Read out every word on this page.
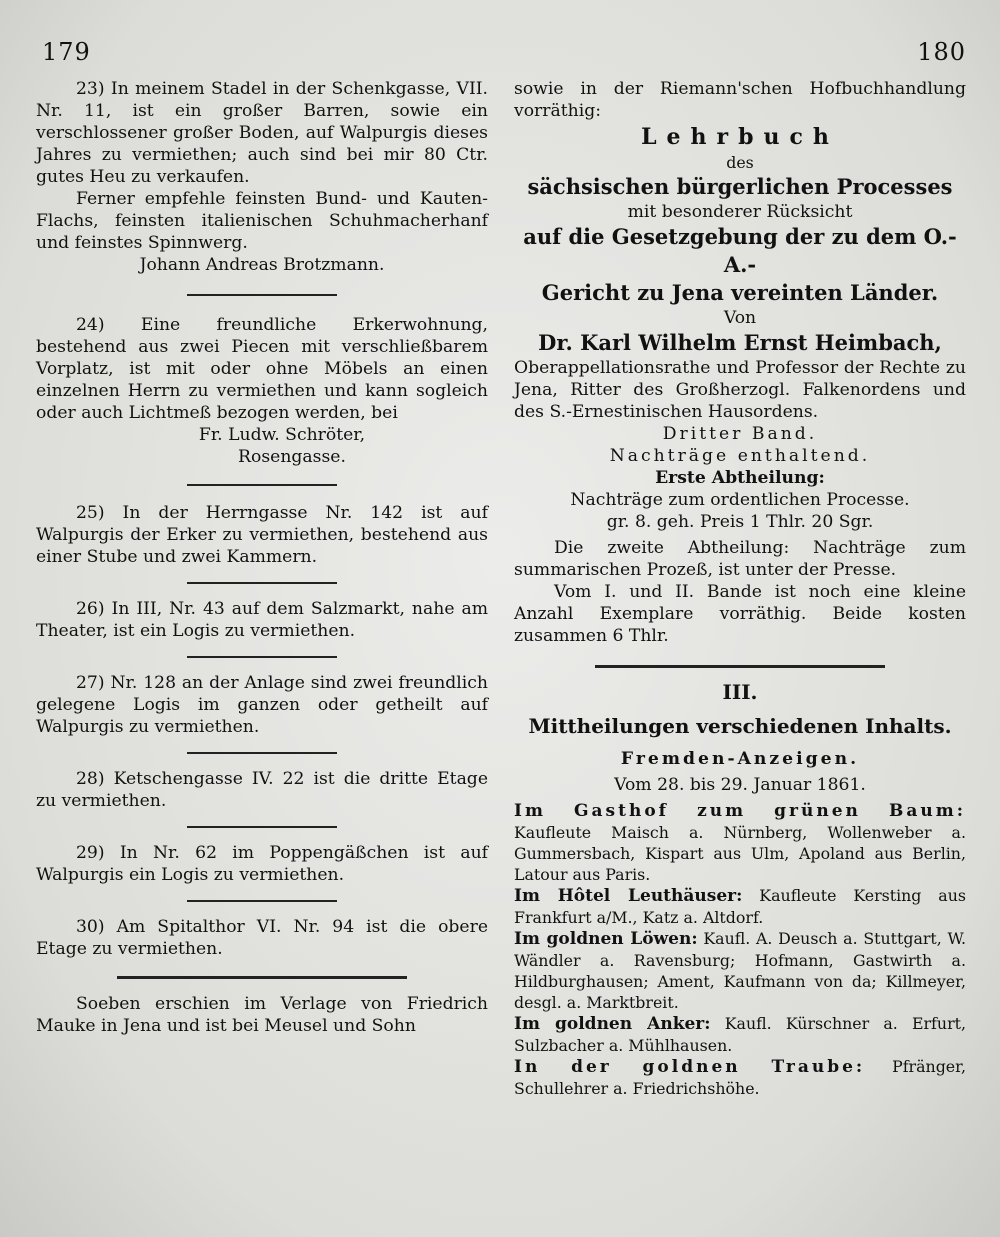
179	180

23) In meinem Stadel in der Schenkgasse, VII. Nr. 11, ist ein großer Barren, sowie ein verschlossener großer Boden, auf Walpurgis dieses Jahres zu vermiethen; auch sind bei mir 80 Ctr. gutes Heu zu verkaufen.

Ferner empfehle feinsten Bund- und Kauten-Flachs, feinsten italienischen Schuhmacherhanf und feinstes Spinnwerg.

Johann Andreas Brotzmann.

24) Eine freundliche Erkerwohnung, bestehend aus zwei Piecen mit verschließbarem Vorplatz, ist mit oder ohne Möbels an einen einzelnen Herrn zu vermiethen und kann sogleich oder auch Lichtmeß bezogen werden, bei

Fr. Ludw. Schröter,

Rosengasse.

25) In der Herrngasse Nr. 142 ist auf Walpurgis der Erker zu vermiethen, bestehend aus einer Stube und zwei Kammern.

26) In III, Nr. 43 auf dem Salzmarkt, nahe am Theater, ist ein Logis zu vermiethen.

27) Nr. 128 an der Anlage sind zwei freundlich gelegene Logis im ganzen oder getheilt auf Walpurgis zu vermiethen.

28) Ketschengasse IV. 22 ist die dritte Etage zu vermiethen.

29) In Nr. 62 im Poppengäßchen ist auf Walpurgis ein Logis zu vermiethen.

30) Am Spitalthor VI. Nr. 94 ist die obere Etage zu vermiethen.

Soeben erschien im Verlage von Friedrich Mauke in Jena und ist bei Meusel und Sohn

sowie in der Riemann'schen Hofbuchhandlung vorräthig:

Lehrbuch

des

sächsischen bürgerlichen Processes

mit besonderer Rücksicht

auf die Gesetzgebung der zu dem O.-A.-

Gericht zu Jena vereinten Länder.

Von

Dr. Karl Wilhelm Ernst Heimbach,

Oberappellationsrathe und Professor der Rechte zu Jena, Ritter des Großherzogl. Falkenordens und des S.-Ernestinischen Hausordens.

Dritter Band.

Nachträge enthaltend.

Erste Abtheilung:

Nachträge zum ordentlichen Processe.

gr. 8. geh. Preis 1 Thlr. 20 Sgr.

Die zweite Abtheilung: Nachträge zum summarischen Prozeß, ist unter der Presse.

Vom I. und II. Bande ist noch eine kleine Anzahl Exemplare vorräthig. Beide kosten zusammen 6 Thlr.

III.

Mittheilungen verschiedenen Inhalts.

Fremden-Anzeigen.

Vom 28. bis 29. Januar 1861.

Im Gasthof zum grünen Baum: Kaufleute Maisch a. Nürnberg, Wollenweber a. Gummersbach, Kispart aus Ulm, Apoland aus Berlin, Latour aus Paris.

Im Hôtel Leuthäuser: Kaufleute Kersting aus Frankfurt a/M., Katz a. Altdorf.

Im goldnen Löwen: Kaufl. A. Deusch a. Stuttgart, W. Wändler a. Ravensburg; Hofmann, Gastwirth a. Hildburghausen; Ament, Kaufmann von da; Killmeyer, desgl. a. Marktbreit.

Im goldnen Anker: Kaufl. Kürschner a. Erfurt, Sulzbacher a. Mühlhausen.

In der goldnen Traube: Pfränger, Schullehrer a. Friedrichshöhe.
